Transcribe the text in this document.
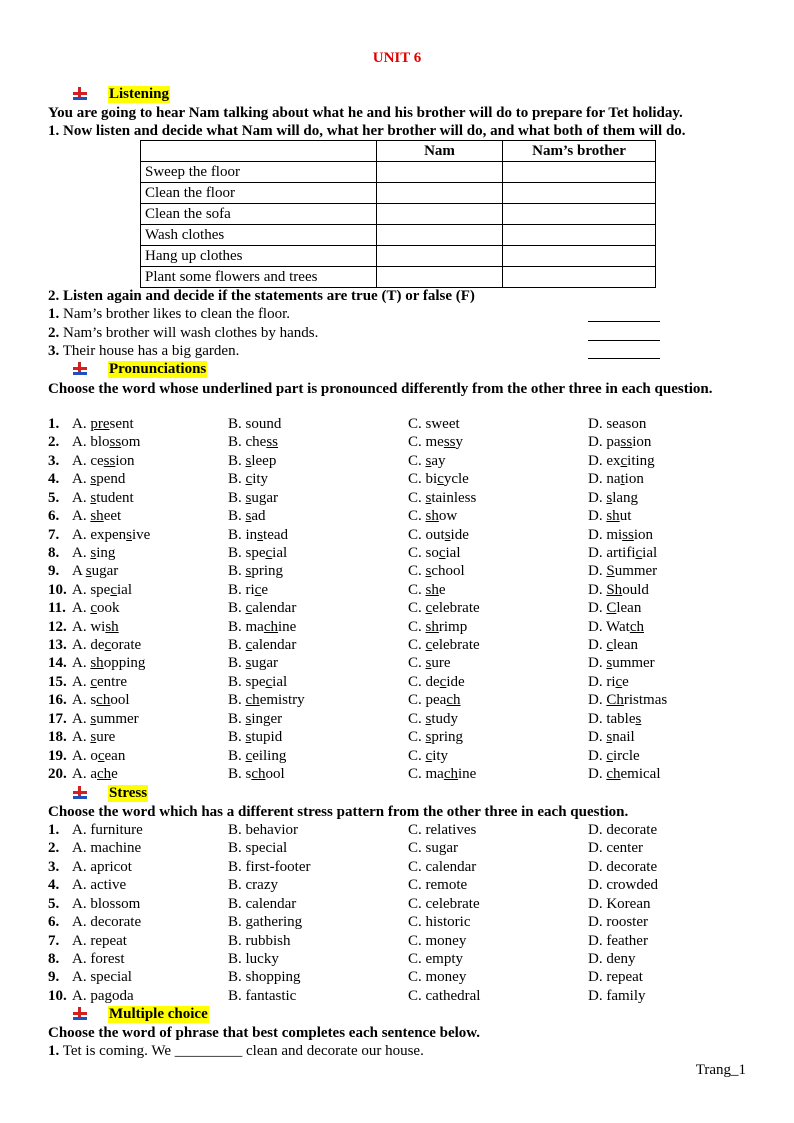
UNIT 6
Listening
You are going to hear Nam talking about what he and his brother will do to prepare for Tet holiday.
1. Now listen and decide what Nam will do, what her brother will do, and what both of them will do.
	Nam	Nam’s brother
Sweep the floor		
Clean the floor		
Clean the sofa		
Wash clothes		
Hang up clothes		
Plant some flowers and trees		
2. Listen again and decide if the statements are true (T) or false (F)
1. Nam’s brother likes to clean the floor.
2. Nam’s brother will wash clothes by hands.
3. Their house has a big garden.
Pronunciations
Choose the word whose underlined part is pronounced differently from the other three in each question.
1. A. present	B. sound	C. sweet	D. season
2. A. blossom	B. chess	C. messy	D. passion
3. A. cession	B. sleep	C. say	D. exciting
4. A. spend	B. city	C. bicycle	D. nation
5. A. student	B. sugar	C. stainless	D. slang
6. A. sheet	B. sad	C. show	D. shut
7. A. expensive	B. instead	C. outside	D. mission
8. A. sing	B. special	C. social	D. artificial
9. A sugar	B. spring	C. school	D. Summer
10. A. special	B. rice	C. she	D. Should
11. A. cook	B. calendar	C. celebrate	D. Clean
12. A. wish	B. machine	C. shrimp	D. Watch
13. A. decorate	B. calendar	C. celebrate	D. clean
14. A. shopping	B. sugar	C. sure	D. summer
15. A. centre	B. special	C. decide	D. rice
16. A. school	B. chemistry	C. peach	D. Christmas
17. A. summer	B. singer	C. study	D. tables
18. A. sure	B. stupid	C. spring	D. snail
19. A. ocean	B. ceiling	C. city	D. circle
20. A. ache	B. school	C. machine	D. chemical
Stress
Choose the word which has a different stress pattern from the other three in each question.
1. A. furniture	B. behavior	C. relatives	D. decorate
2. A. machine	B. special	C. sugar	D. center
3. A. apricot	B. first-footer	C. calendar	D. decorate
4. A. active	B. crazy	C. remote	D. crowded
5. A. blossom	B. calendar	C. celebrate	D. Korean
6. A. decorate	B. gathering	C. historic	D. rooster
7. A. repeat	B. rubbish	C. money	D. feather
8. A. forest	B. lucky	C. empty	D. deny
9. A. special	B. shopping	C. money	D. repeat
10. A. pagoda	B. fantastic	C. cathedral	D. family
Multiple choice
Choose the word of phrase that best completes each sentence below.
1. Tet is coming. We _________ clean and decorate our house.
Trang_1
